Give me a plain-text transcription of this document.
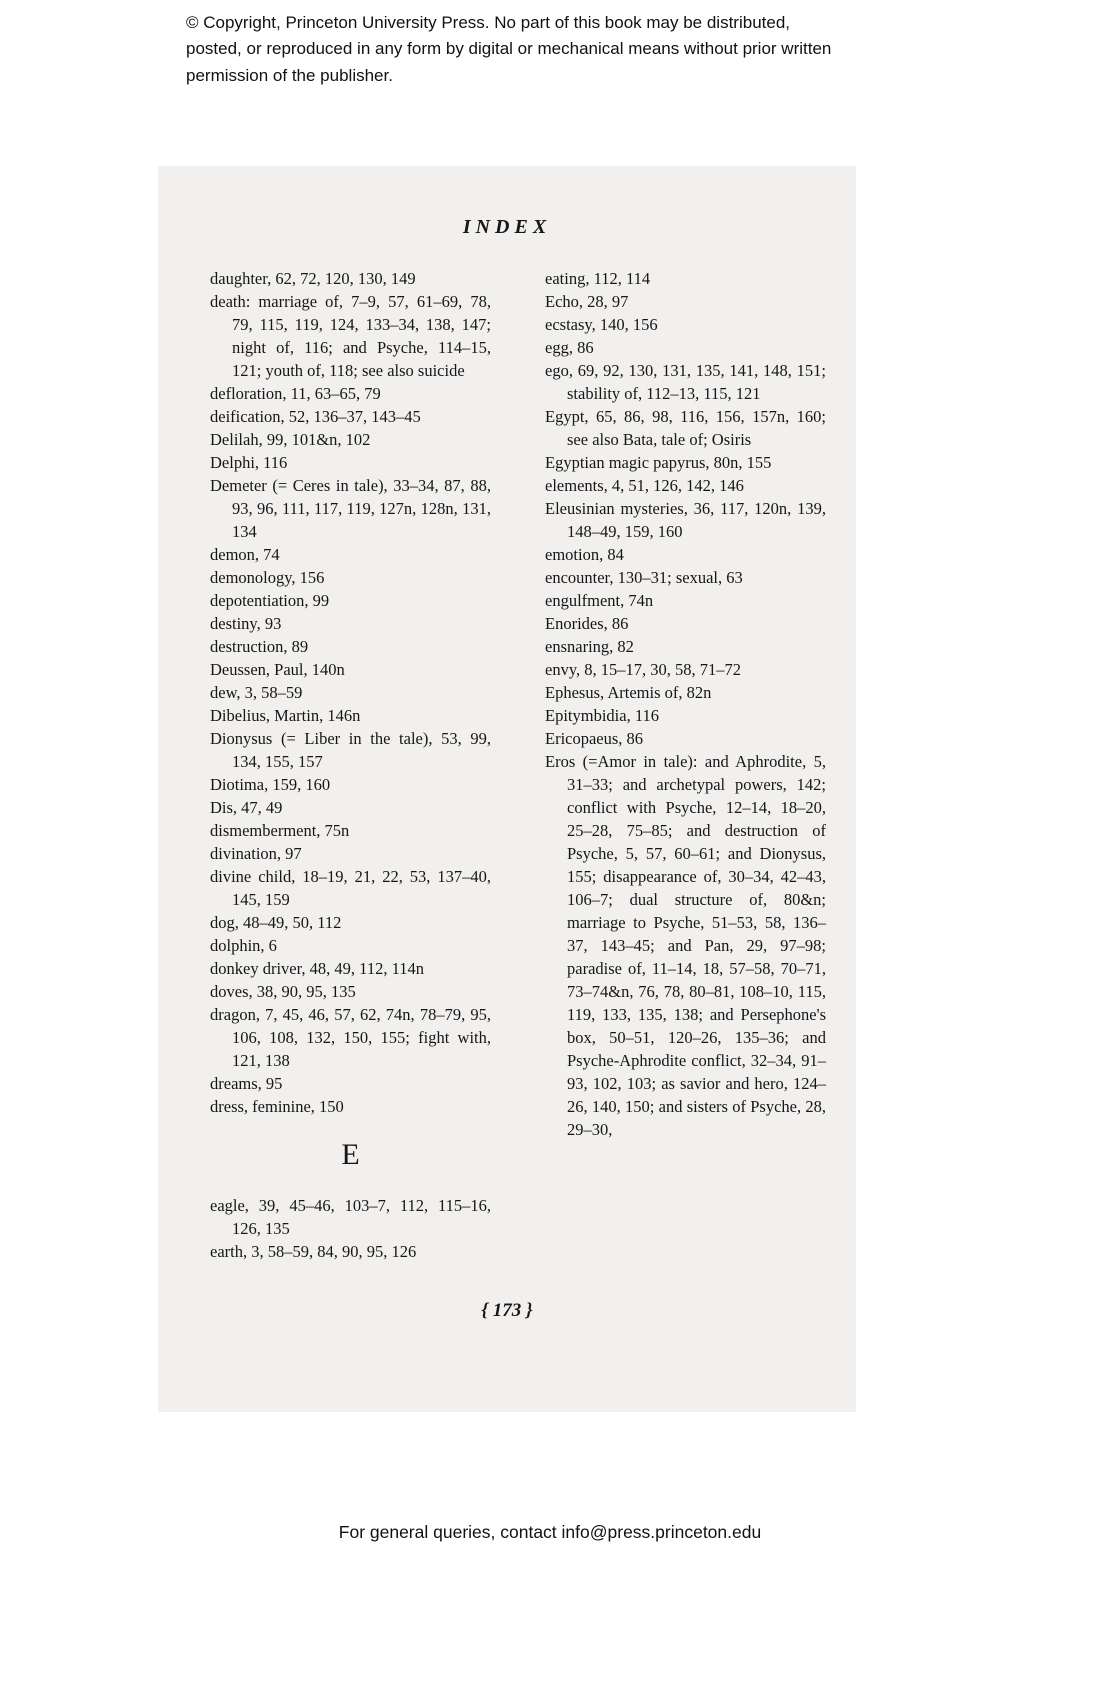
© Copyright, Princeton University Press. No part of this book may be distributed, posted, or reproduced in any form by digital or mechanical means without prior written permission of the publisher.
INDEX
daughter, 62, 72, 120, 130, 149
death: marriage of, 7–9, 57, 61–69, 78, 79, 115, 119, 124, 133–34, 138, 147; night of, 116; and Psyche, 114–15, 121; youth of, 118; see also suicide
defloration, 11, 63–65, 79
deification, 52, 136–37, 143–45
Delilah, 99, 101&n, 102
Delphi, 116
Demeter (= Ceres in tale), 33–34, 87, 88, 93, 96, 111, 117, 119, 127n, 128n, 131, 134
demon, 74
demonology, 156
depotentiation, 99
destiny, 93
destruction, 89
Deussen, Paul, 140n
dew, 3, 58–59
Dibelius, Martin, 146n
Dionysus (= Liber in the tale), 53, 99, 134, 155, 157
Diotima, 159, 160
Dis, 47, 49
dismemberment, 75n
divination, 97
divine child, 18–19, 21, 22, 53, 137–40, 145, 159
dog, 48–49, 50, 112
dolphin, 6
donkey driver, 48, 49, 112, 114n
doves, 38, 90, 95, 135
dragon, 7, 45, 46, 57, 62, 74n, 78–79, 95, 106, 108, 132, 150, 155; fight with, 121, 138
dreams, 95
dress, feminine, 150
E
eagle, 39, 45–46, 103–7, 112, 115–16, 126, 135
earth, 3, 58–59, 84, 90, 95, 126
eating, 112, 114
Echo, 28, 97
ecstasy, 140, 156
egg, 86
ego, 69, 92, 130, 131, 135, 141, 148, 151; stability of, 112–13, 115, 121
Egypt, 65, 86, 98, 116, 156, 157n, 160; see also Bata, tale of; Osiris
Egyptian magic papyrus, 80n, 155
elements, 4, 51, 126, 142, 146
Eleusinian mysteries, 36, 117, 120n, 139, 148–49, 159, 160
emotion, 84
encounter, 130–31; sexual, 63
engulfment, 74n
Enorides, 86
ensnaring, 82
envy, 8, 15–17, 30, 58, 71–72
Ephesus, Artemis of, 82n
Epitymbidia, 116
Ericopaeus, 86
Eros (=Amor in tale): and Aphrodite, 5, 31–33; and archetypal powers, 142; conflict with Psyche, 12–14, 18–20, 25–28, 75–85; and destruction of Psyche, 5, 57, 60–61; and Dionysus, 155; disappearance of, 30–34, 42–43, 106–7; dual structure of, 80&n; marriage to Psyche, 51–53, 58, 136–37, 143–45; and Pan, 29, 97–98; paradise of, 11–14, 18, 57–58, 70–71, 73–74&n, 76, 78, 80–81, 108–10, 115, 119, 133, 135, 138; and Persephone's box, 50–51, 120–26, 135–36; and Psyche-Aphrodite conflict, 32–34, 91–93, 102, 103; as savior and hero, 124–26, 140, 150; and sisters of Psyche, 28, 29–30,
{ 173 }
For general queries, contact info@press.princeton.edu
